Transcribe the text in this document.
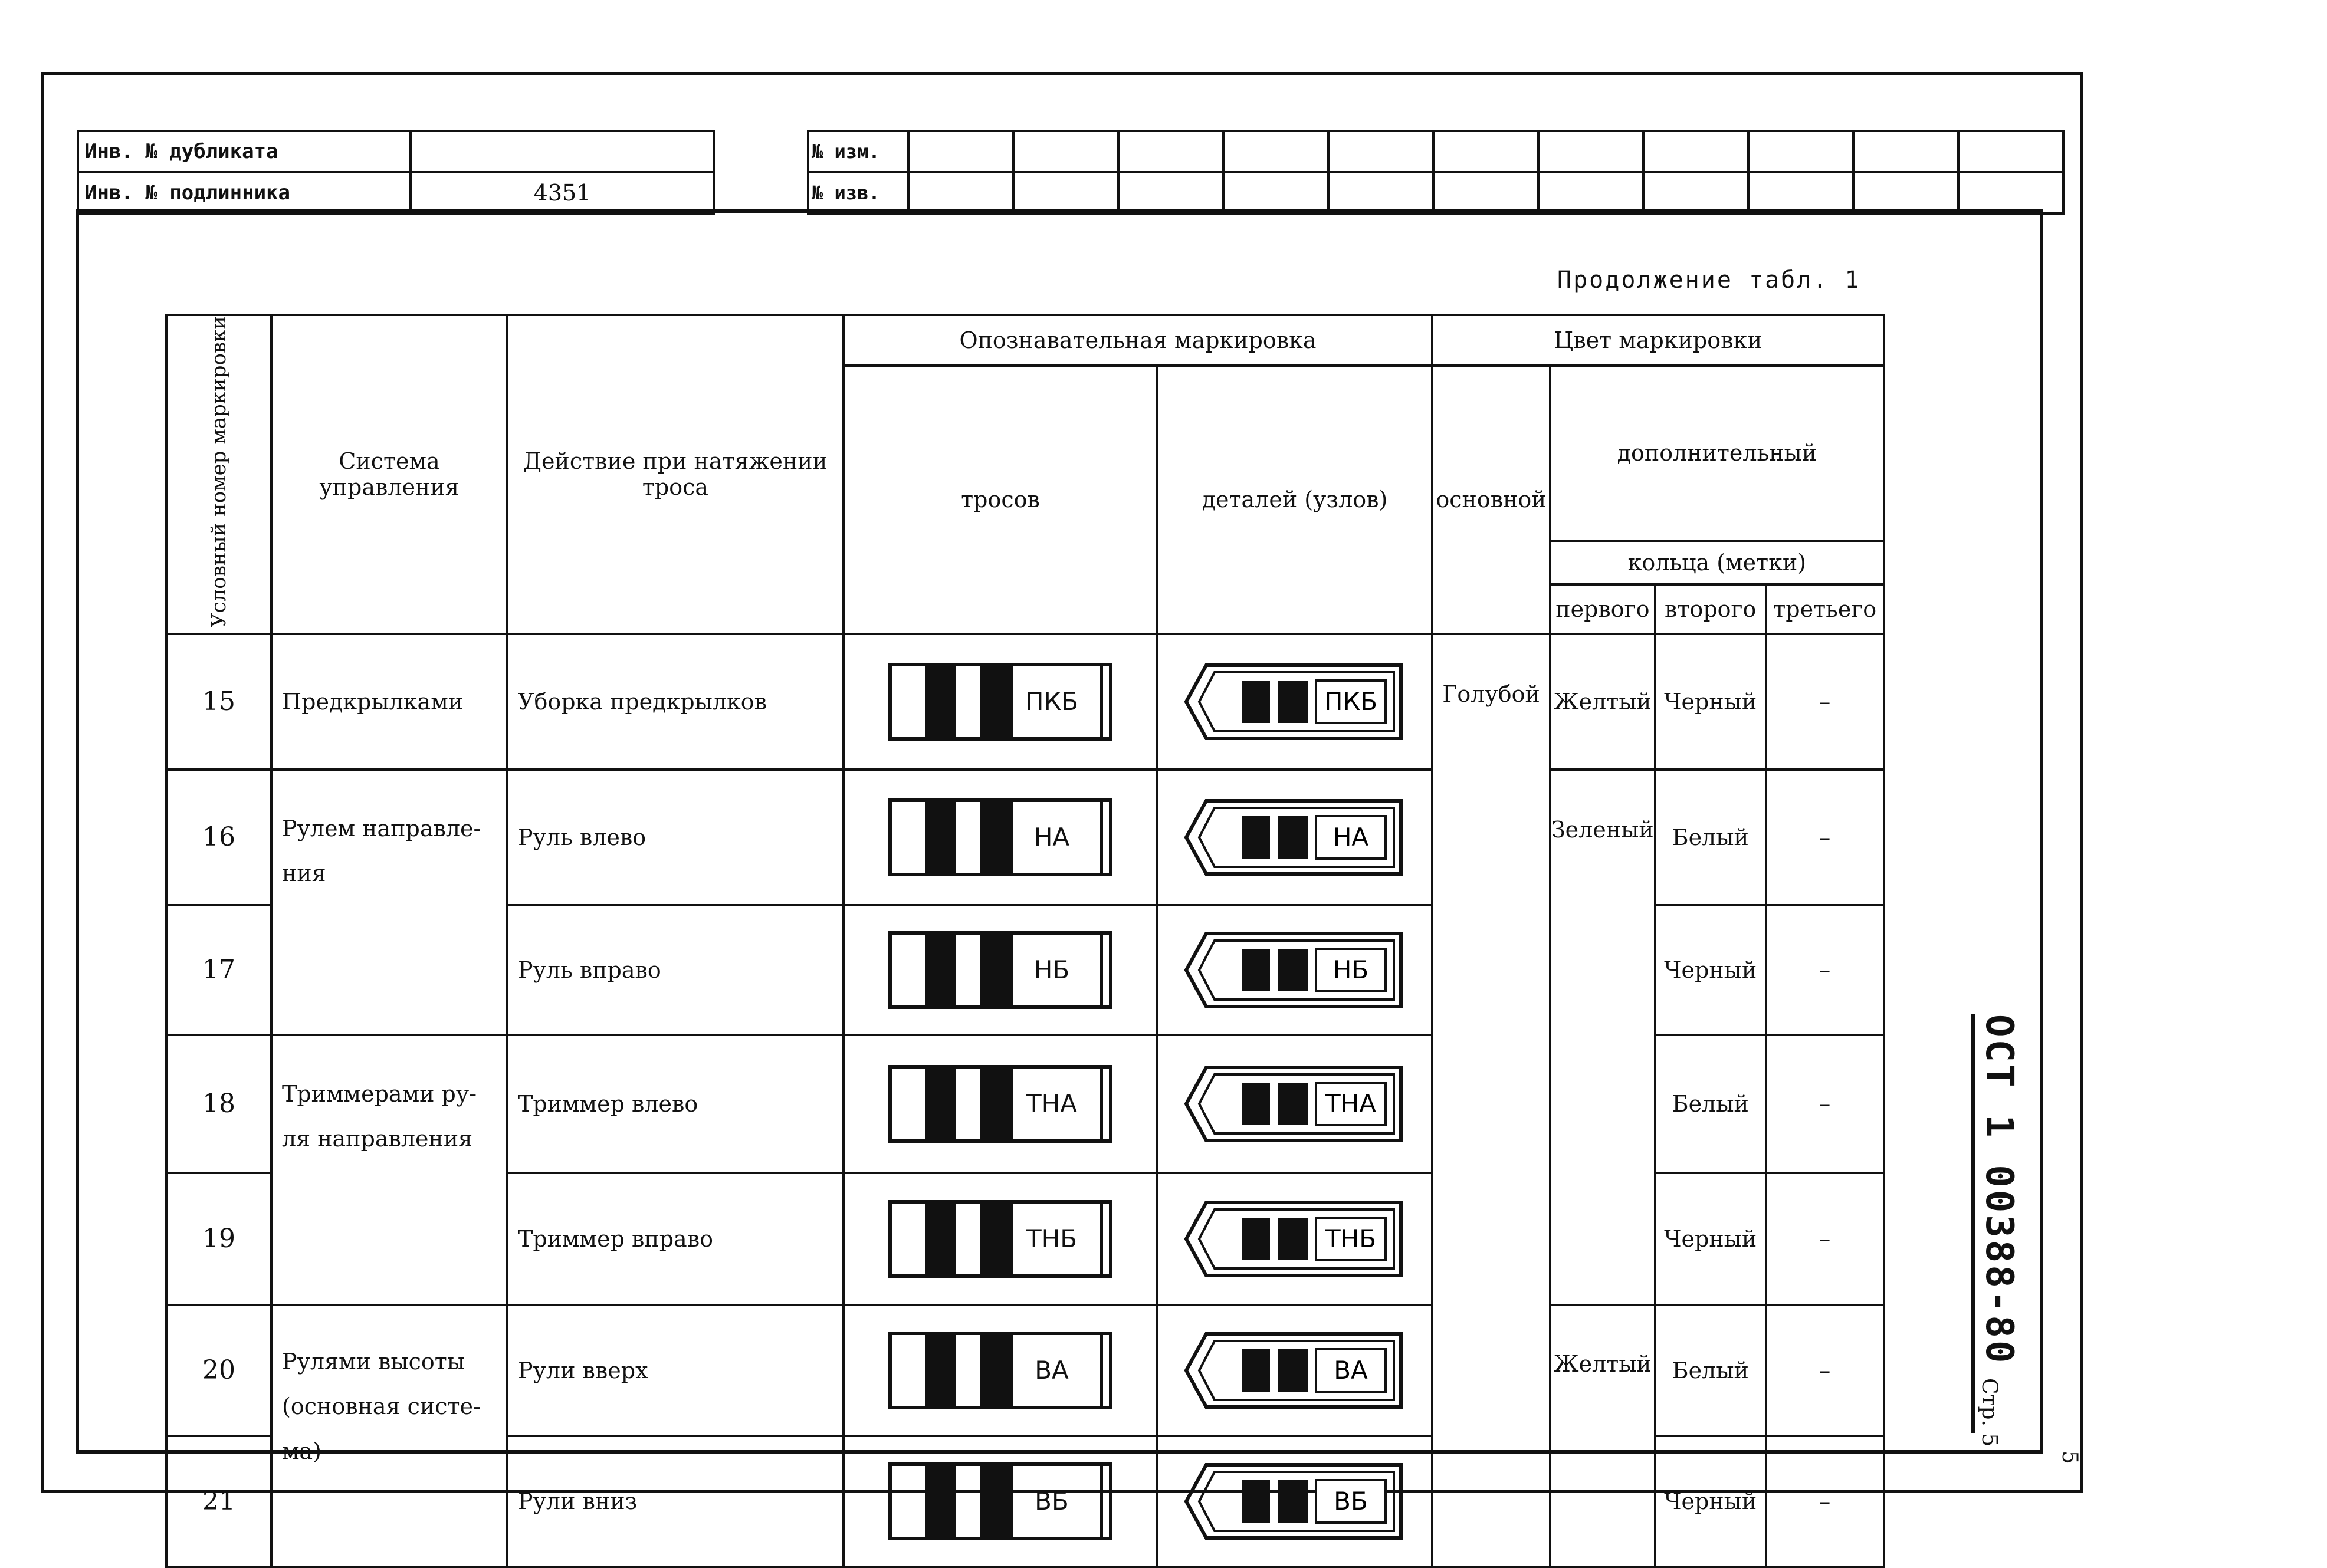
Инв. № дубликата	
Инв. № подлинника	4351
№ изм.											
№ изв.											
Продолжение табл. 1
Условный номер маркировки	Система управления	Действие при натяжении троса	Опознавательная маркировка		Цвет маркировки			
			тросов	деталей (узлов)	основной	дополнительный		
						кольца (метки)		
						первого	второго	третьего
15	Предкрылками	Уборка предкрылков	ПКБ	ПКБ	Голубой	Желтый	Черный	–
16	Рулем направле- ния	Руль влево	НА	НА		Зеленый	Белый	–
17		Руль вправо	НБ	НБ			Черный	–
18	Триммерами ру- ля направления	Триммер влево	ТНА	ТНА			Белый	–
19		Триммер вправо	ТНБ	ТНБ			Черный	–
20	Рулями высоты (основная систе- ма)	Рули вверх	ВА	ВА		Желтый	Белый	–
21		Рули вниз	ВБ	ВБ			Черный	–
ОСТ 1 00388-80Стр. 5
5
